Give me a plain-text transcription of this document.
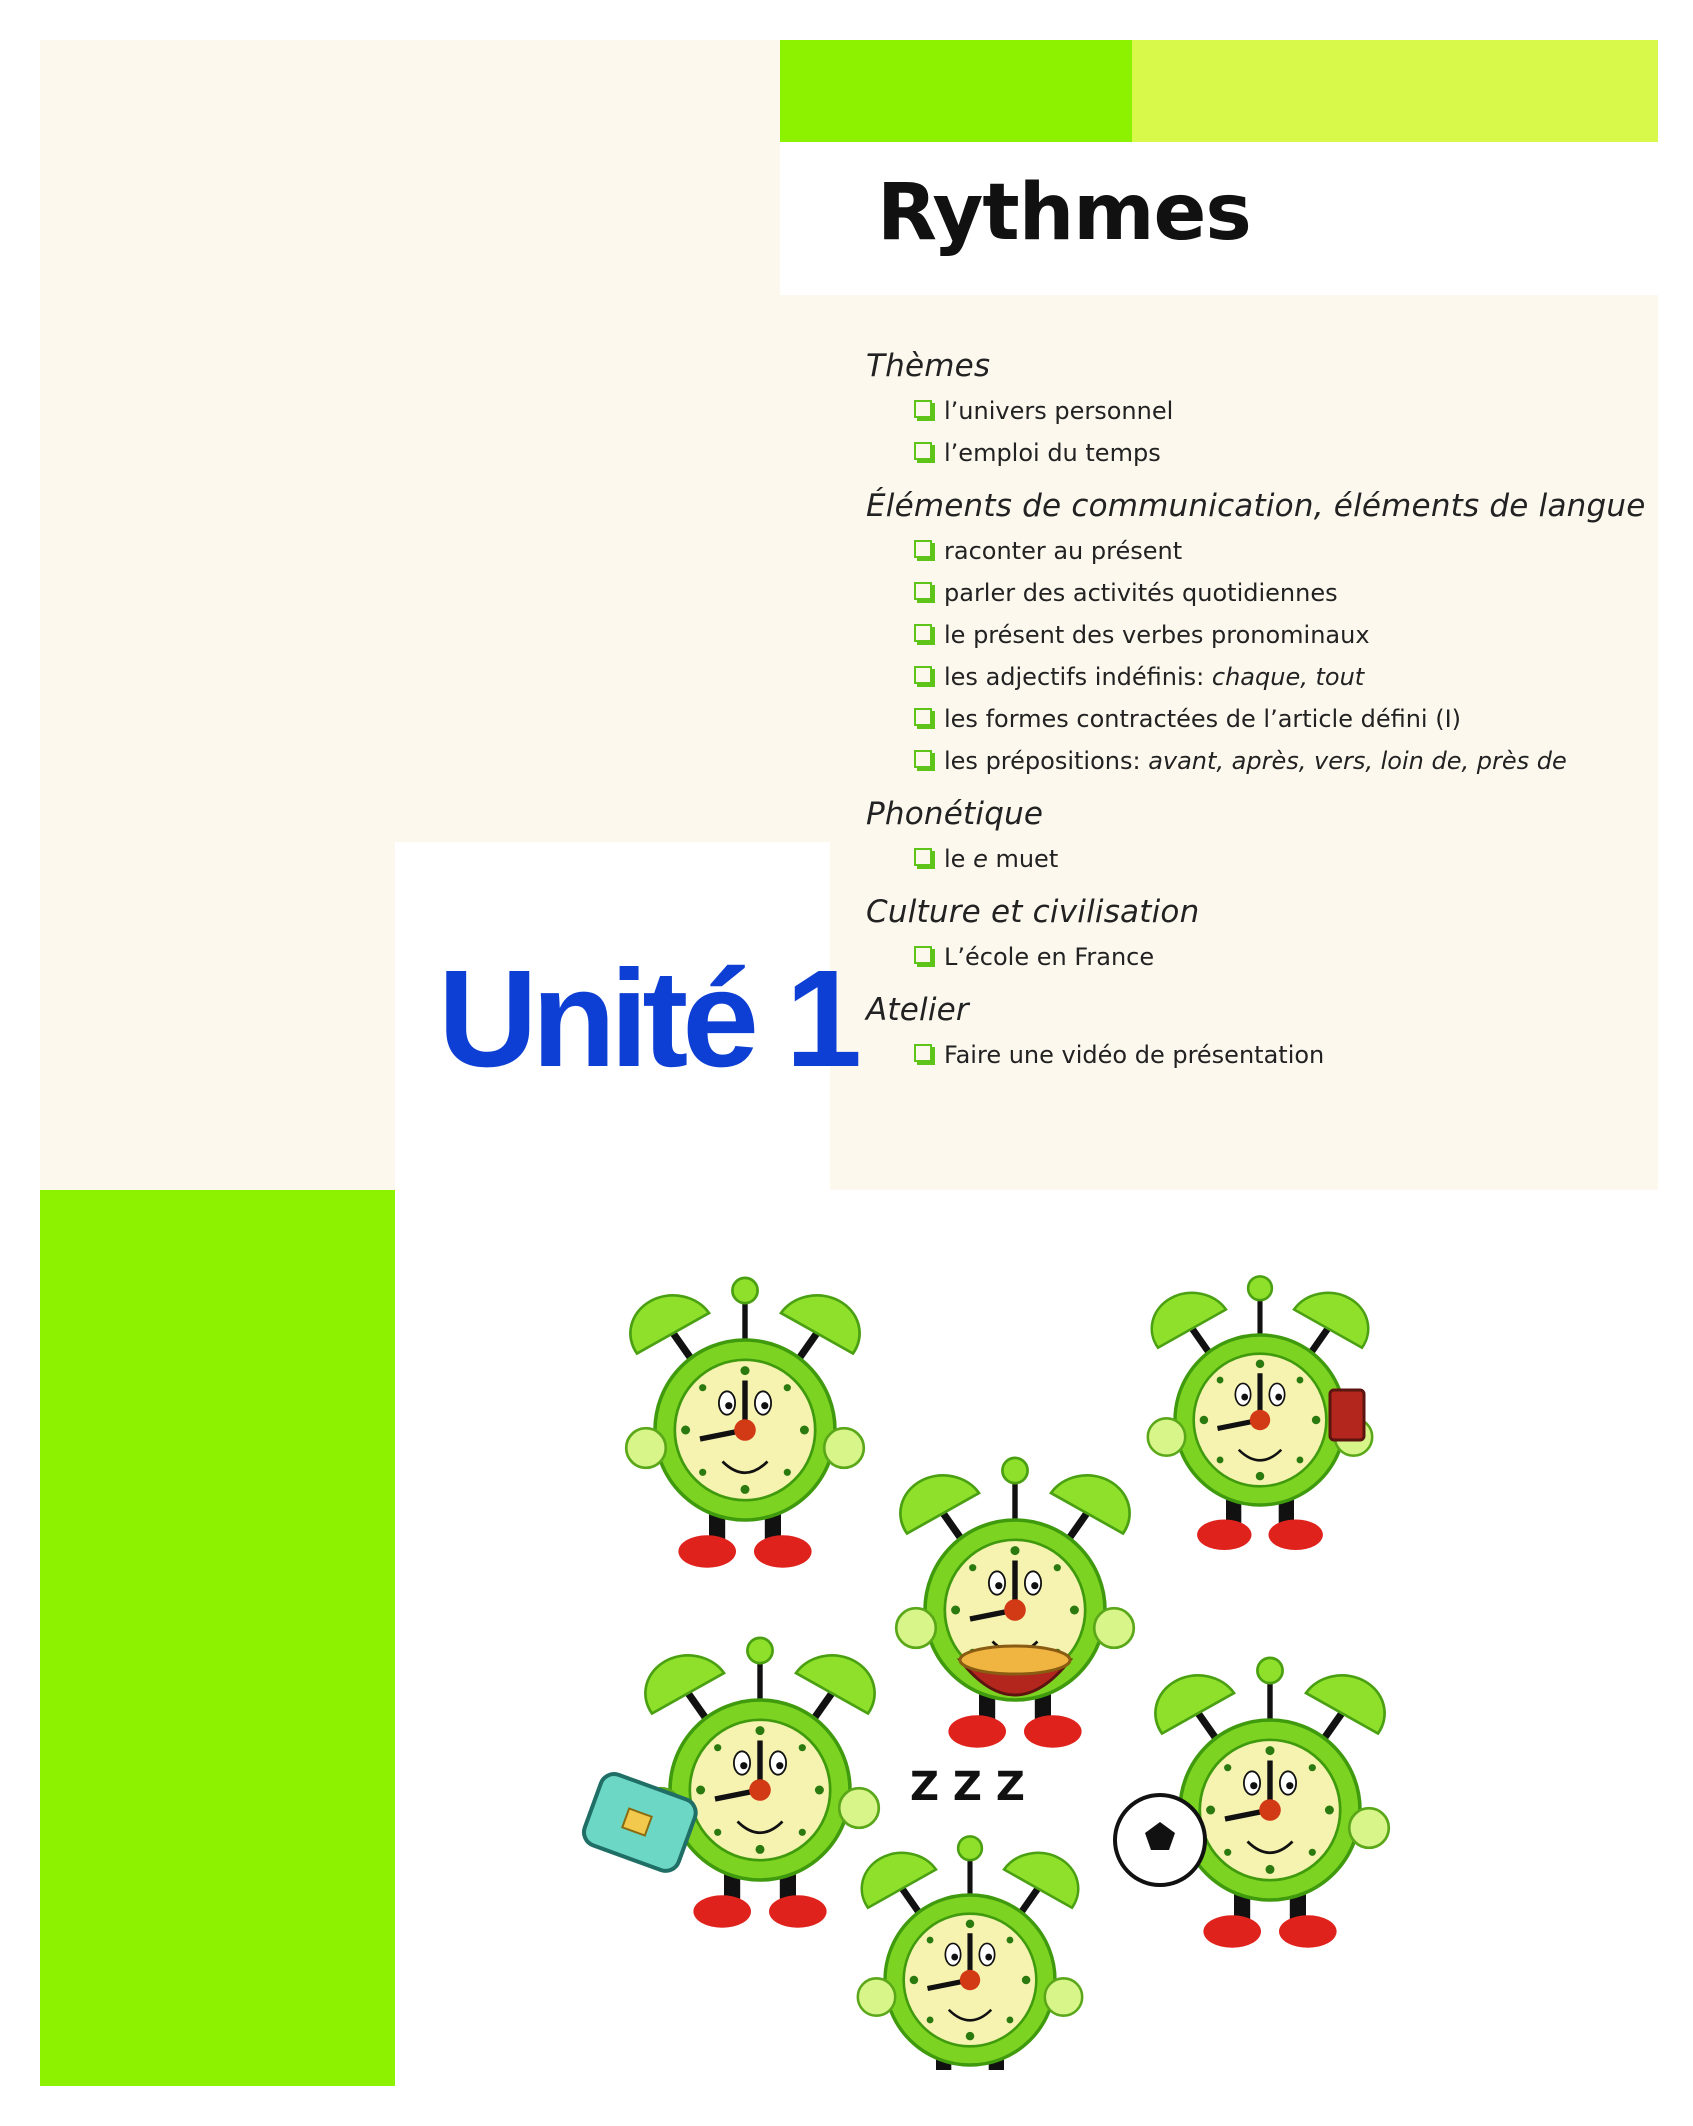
Rythmes
Unité 1
Thèmes
l’univers personnel
l’emploi du temps
Éléments de communication, éléments de langue
raconter au présent
parler des activités quotidiennes
le présent des verbes pronominaux
les adjectifs indéfinis: chaque, tout
les formes contractées de l’article défini (I)
les prépositions: avant, après, vers, loin de, près de
Phonétique
le e muet
Culture et civilisation
L’école en France
Atelier
Faire une vidéo de présentation
Z Z Z
